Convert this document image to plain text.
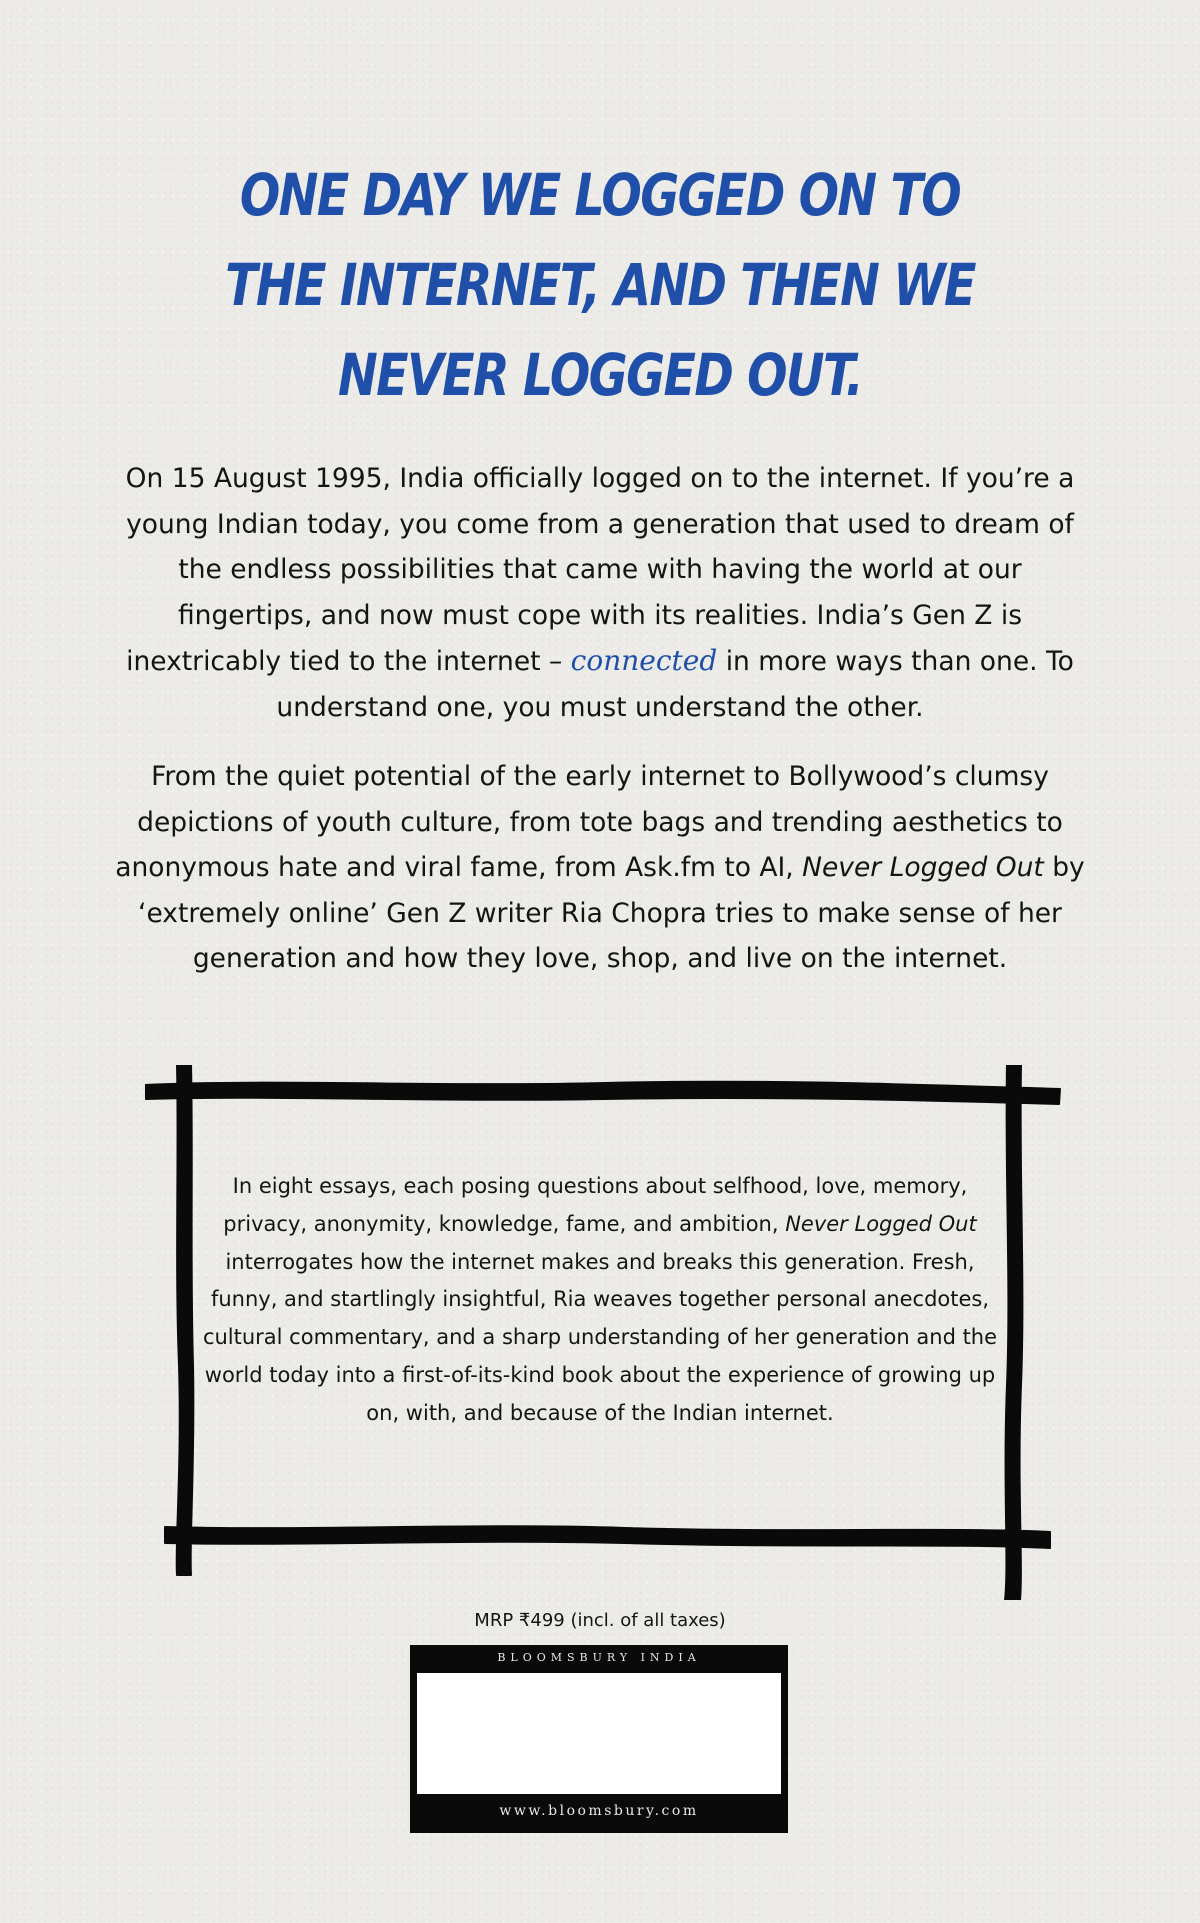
ONE DAY WE LOGGED ON TO
THE INTERNET, AND THEN WE
NEVER LOGGED OUT.

On 15 August 1995, India officially logged on to the internet. If you’re a young Indian today, you come from a generation that used to dream of the endless possibilities that came with having the world at our fingertips, and now must cope with its realities. India’s Gen Z is inextricably tied to the internet – connected in more ways than one. To understand one, you must understand the other.

From the quiet potential of the early internet to Bollywood’s clumsy depictions of youth culture, from tote bags and trending aesthetics to anonymous hate and viral fame, from Ask.fm to AI, Never Logged Out by ‘extremely online’ Gen Z writer Ria Chopra tries to make sense of her generation and how they love, shop, and live on the internet.

In eight essays, each posing questions about selfhood, love, memory, privacy, anonymity, knowledge, fame, and ambition, Never Logged Out interrogates how the internet makes and breaks this generation. Fresh, funny, and startlingly insightful, Ria weaves together personal anecdotes, cultural commentary, and a sharp understanding of her generation and the world today into a first-of-its-kind book about the experience of growing up on, with, and because of the Indian internet.

MRP ₹499 (incl. of all taxes)
BLOOMSBURY INDIA
www.bloomsbury.com
